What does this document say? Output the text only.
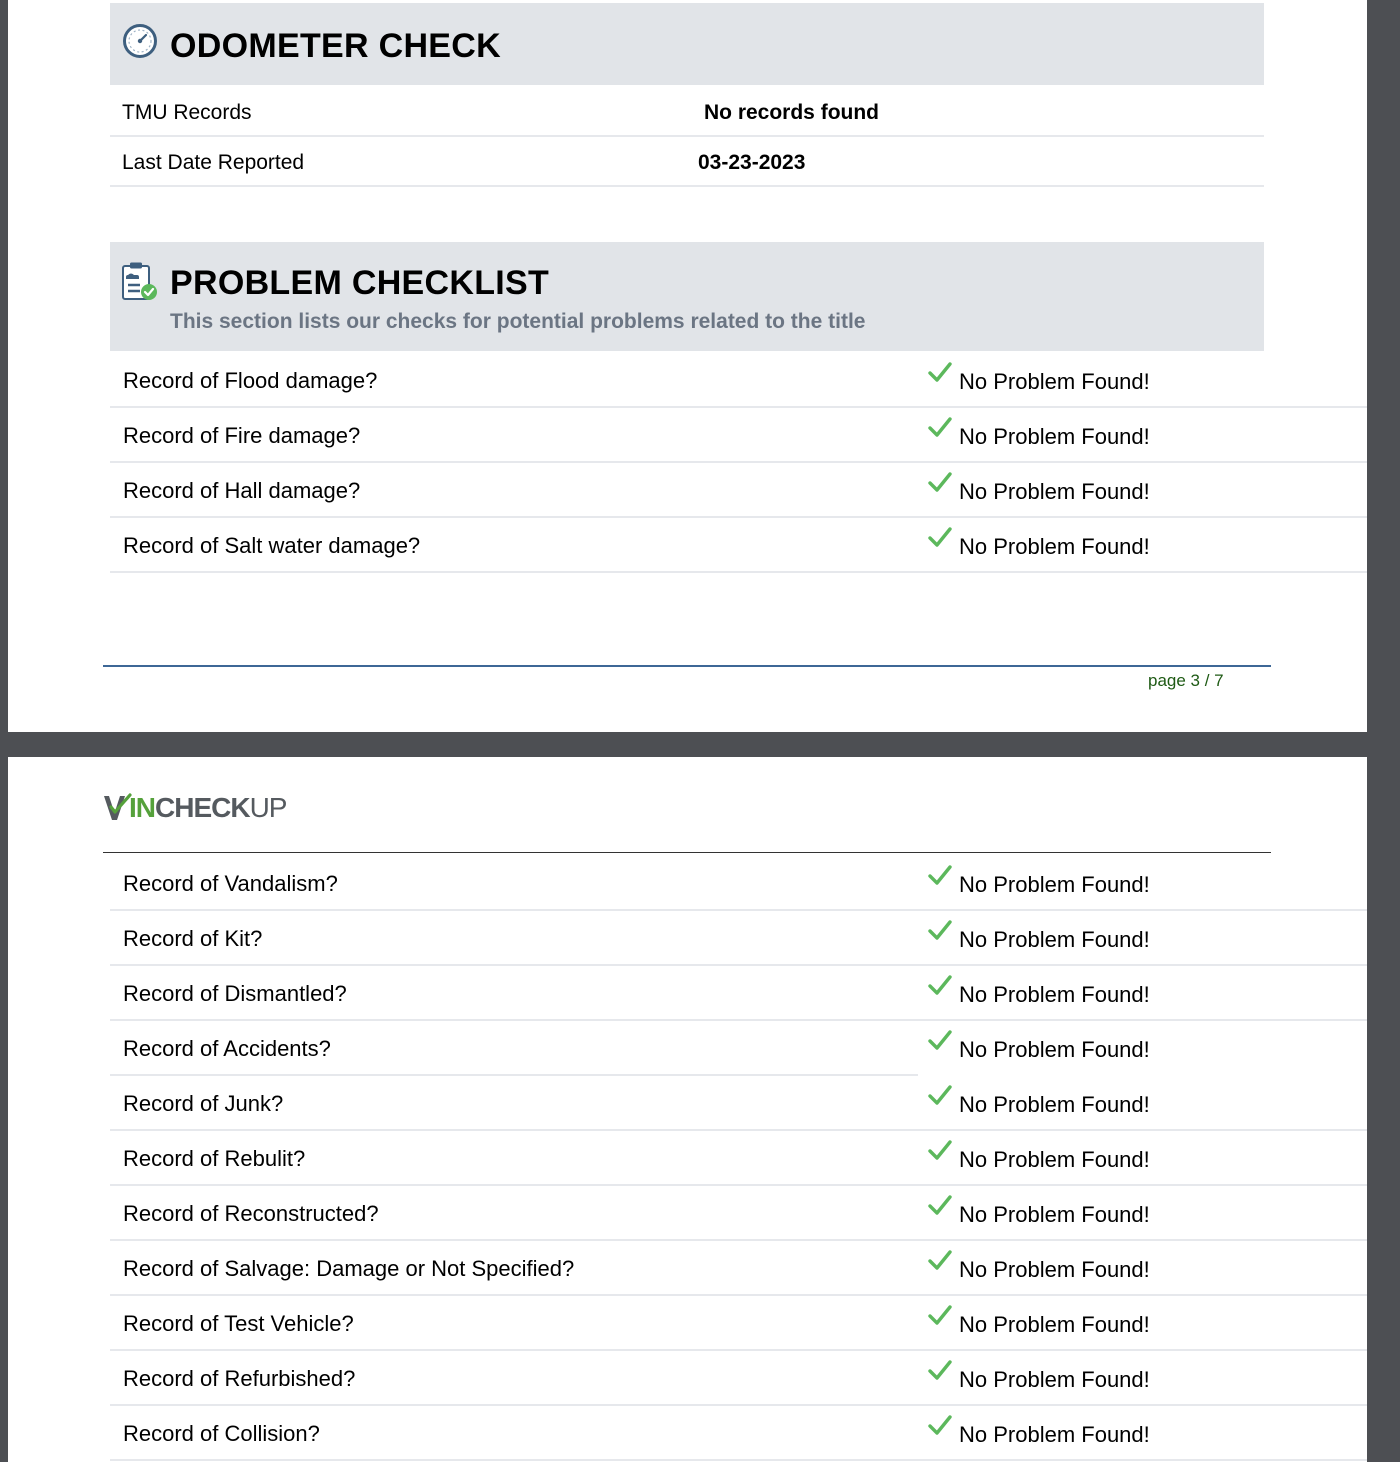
ODOMETER CHECK
TMU Records	No records found
Last Date Reported	03-23-2023
PROBLEM CHECKLIST
This section lists our checks for potential problems related to the title
Record of Flood damage?	No Problem Found!
Record of Fire damage?	No Problem Found!
Record of Hall damage?	No Problem Found!
Record of Salt water damage?	No Problem Found!
page 3 / 7
INCHECKUP
Record of Vandalism?	No Problem Found!
Record of Kit?	No Problem Found!
Record of Dismantled?	No Problem Found!
Record of Accidents?	No Problem Found!
Record of Junk?	No Problem Found!
Record of Rebulit?	No Problem Found!
Record of Reconstructed?	No Problem Found!
Record of Salvage: Damage or Not Specified?	No Problem Found!
Record of Test Vehicle?	No Problem Found!
Record of Refurbished?	No Problem Found!
Record of Collision?	No Problem Found!
